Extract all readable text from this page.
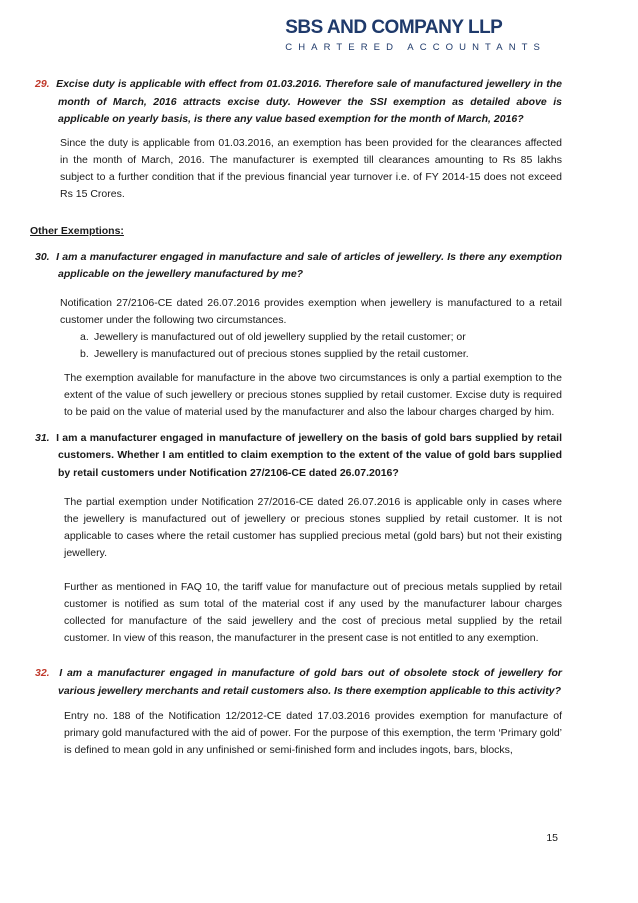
SBS AND COMPANY LLP
CHARTERED ACCOUNTANTS

29. Excise duty is applicable with effect from 01.03.2016. Therefore sale of manufactured jewellery in the month of March, 2016 attracts excise duty. However the SSI exemption as detailed above is applicable on yearly basis, is there any value based exemption for the month of March, 2016?

Since the duty is applicable from 01.03.2016, an exemption has been provided for the clearances affected in the month of March, 2016. The manufacturer is exempted till clearances amounting to Rs 85 lakhs subject to a further condition that if the previous financial year turnover i.e. of FY 2014-15 does not exceed Rs 15 Crores.

Other Exemptions:

30. I am a manufacturer engaged in manufacture and sale of articles of jewellery. Is there any exemption applicable on the jewellery manufactured by me?

Notification 27/2106-CE dated 26.07.2016 provides exemption when jewellery is manufactured to a retail customer under the following two circumstances.

a. Jewellery is manufactured out of old jewellery supplied by the retail customer; or
b. Jewellery is manufactured out of precious stones supplied by the retail customer.

The exemption available for manufacture in the above two circumstances is only a partial exemption to the extent of the value of such jewellery or precious stones supplied by retail customer. Excise duty is required to be paid on the value of material used by the manufacturer and also the labour charges charged by him.

31. I am a manufacturer engaged in manufacture of jewellery on the basis of gold bars supplied by retail customers. Whether I am entitled to claim exemption to the extent of the value of gold bars supplied by retail customers under Notification 27/2106-CE dated 26.07.2016?

The partial exemption under Notification 27/2016-CE dated 26.07.2016 is applicable only in cases where the jewellery is manufactured out of jewellery or precious stones supplied by retail customer. It is not applicable to cases where the retail customer has supplied precious metal (gold bars) but not their existing jewellery.

Further as mentioned in FAQ 10, the tariff value for manufacture out of precious metals supplied by retail customer is notified as sum total of the material cost if any used by the manufacturer labour charges collected for manufacture of the said jewellery and the cost of precious metal supplied by the retail customer. In view of this reason, the manufacturer in the present case is not entitled to any exemption.

32. I am a manufacturer engaged in manufacture of gold bars out of obsolete stock of jewellery for various jewellery merchants and retail customers also. Is there exemption applicable to this activity?

Entry no. 188 of the Notification 12/2012-CE dated 17.03.2016 provides exemption for manufacture of primary gold manufactured with the aid of power. For the purpose of this exemption, the term ‘Primary gold’ is defined to mean gold in any unfinished or semi-finished form and includes ingots, bars, blocks,

15
